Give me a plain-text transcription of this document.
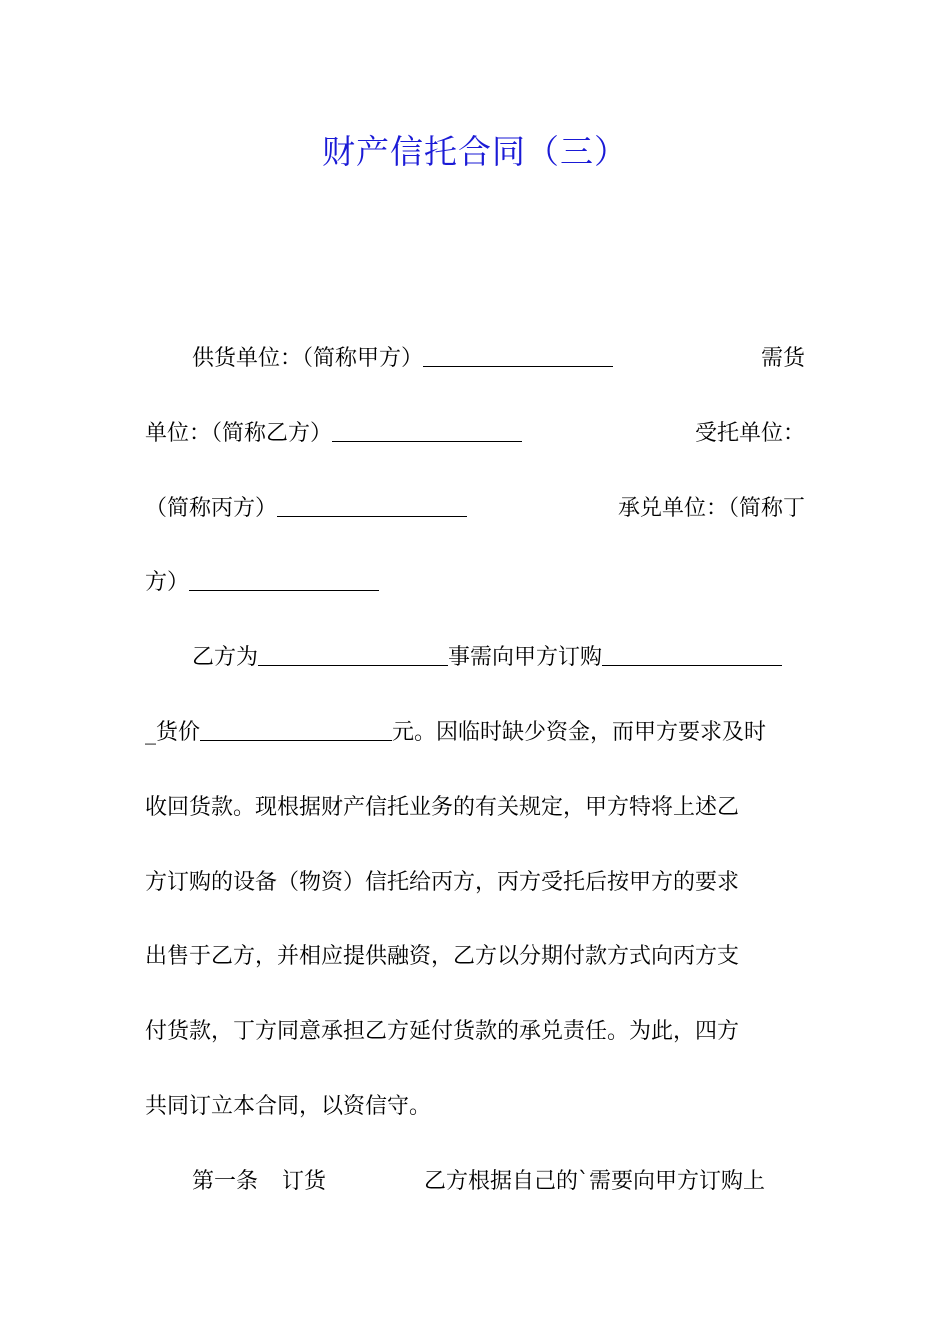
财产信托合同（三）
供货单位：（简称甲方）	需货
单位：（简称乙方）	受托单位：
（简称丙方）	承兑单位：（简称丁
方）
乙方为	事需向甲方订购
_货价	元。因临时缺少资金，而甲方要求及时
收回货款。现根据财产信托业务的有关规定，甲方特将上述乙
方订购的设备（物资）信托给丙方，丙方受托后按甲方的要求
出售于乙方，并相应提供融资，乙方以分期付款方式向丙方支
付货款，丁方同意承担乙方延付货款的承兑责任。为此，四方
共同订立本合同，以资信守。
第一条 订货	乙方根据自己的`需要向甲方订购上
